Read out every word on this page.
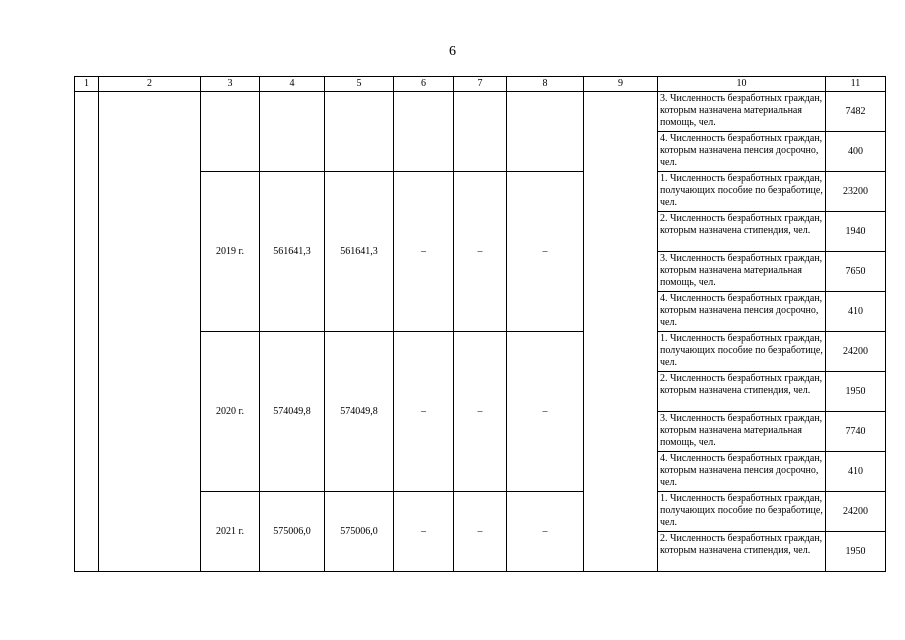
6
1	2	3	4	5	6	7	8	9	10	11
									3. Численность безработных граждан, которым назначена материальная помощь, чел.	7482
									4. Численность безработных граждан, которым назначена пенсия досрочно, чел.	400
		2019 г.	561641,3	561641,3	–	–	–		1. Численность безработных граждан, получающих пособие по безработице, чел.	23200
									2. Численность безработных граждан, которым назначена стипендия, чел.	1940
									3. Численность безработных граждан, которым назначена материальная помощь, чел.	7650
									4. Численность безработных граждан, которым назначена пенсия досрочно, чел.	410
		2020 г.	574049,8	574049,8	–	–	–		1. Численность безработных граждан, получающих пособие по безработице, чел.	24200
									2. Численность безработных граждан, которым назначена стипендия, чел.	1950
									3. Численность безработных граждан, которым назначена материальная помощь, чел.	7740
									4. Численность безработных граждан, которым назначена пенсия досрочно, чел.	410
		2021 г.	575006,0	575006,0	–	–	–		1. Численность безработных граждан, получающих пособие по безработице, чел.	24200
									2. Численность безработных граждан, которым назначена стипендия, чел.	1950
